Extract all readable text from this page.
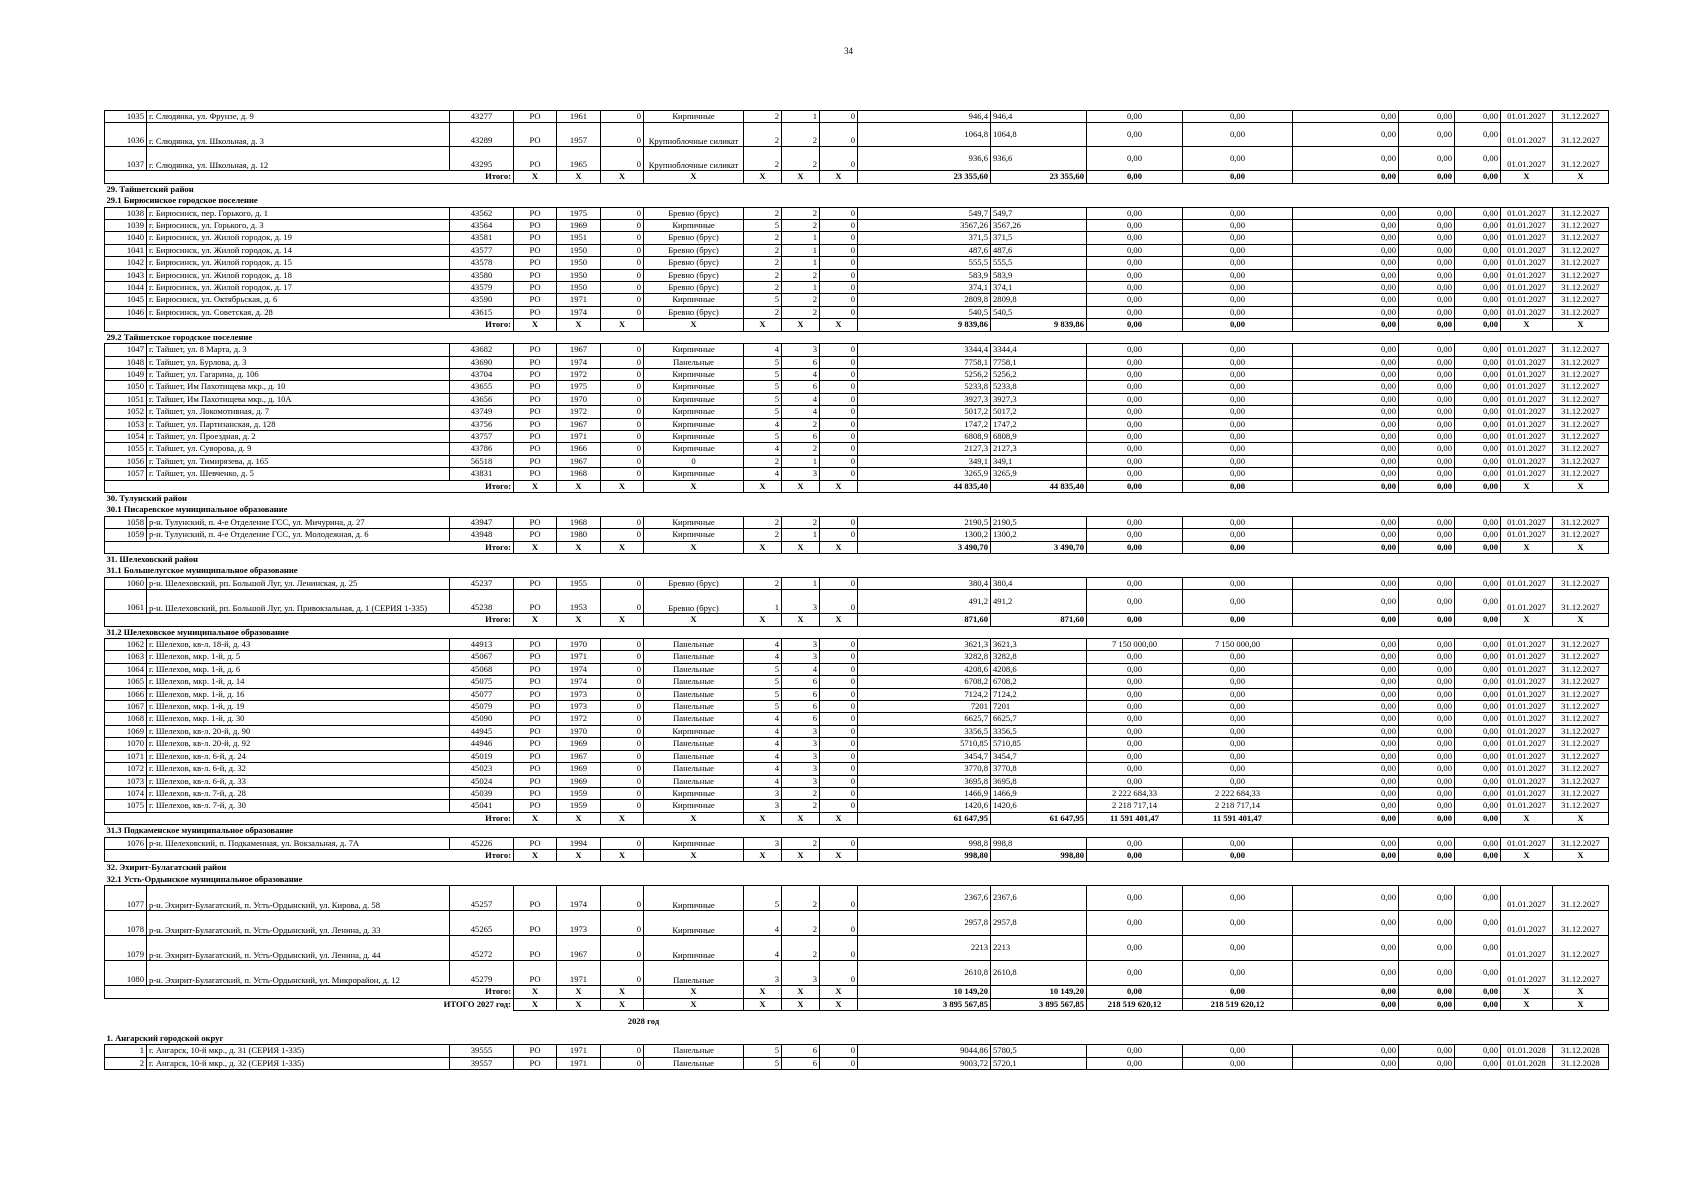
34
1035	г. Слюдянка, ул. Фрунзе, д. 9	43277	РО	1961	0	Кирпичные	2	1	0	946,4	946,4	0,00	0,00	0,00	0,00	0,00	01.01.2027	31.12.2027	
1036	г. Слюдянка, ул. Школьная, д. 3	43289	РО	1957	0	Крупноблочные силикат	2	2	0	1064,8	1064,8	0,00	0,00	0,00	0,00	0,00	01.01.2027	31.12.2027	
1037	г. Слюдянка, ул. Школьная, д. 12	43295	РО	1965	0	Крупноблочные силикат	2	2	0	936,6	936,6	0,00	0,00	0,00	0,00	0,00	01.01.2027	31.12.2027	
Итого:			X	X	X	X	X	X	X	23 355,60	23 355,60	0,00	0,00	0,00	0,00	0,00	X	X	
29. Тайшетский район																			
29.1 Бирюсинское городское поселение																			
1038	г. Бирюсинск, пер. Горького, д. 1	43562	РО	1975	0	Бревно (брус)	2	2	0	549,7	549,7	0,00	0,00	0,00	0,00	0,00	01.01.2027	31.12.2027	
1039	г. Бирюсинск, ул. Горького, д. 3	43564	РО	1969	0	Кирпичные	5	2	0	3567,26	3567,26	0,00	0,00	0,00	0,00	0,00	01.01.2027	31.12.2027	
1040	г. Бирюсинск, ул. Жилой городок, д. 19	43581	РО	1951	0	Бревно (брус)	2	1	0	371,5	371,5	0,00	0,00	0,00	0,00	0,00	01.01.2027	31.12.2027	
1041	г. Бирюсинск, ул. Жилой городок, д. 14	43577	РО	1950	0	Бревно (брус)	2	1	0	487,6	487,6	0,00	0,00	0,00	0,00	0,00	01.01.2027	31.12.2027	
1042	г. Бирюсинск, ул. Жилой городок, д. 15	43578	РО	1950	0	Бревно (брус)	2	1	0	555,5	555,5	0,00	0,00	0,00	0,00	0,00	01.01.2027	31.12.2027	
1043	г. Бирюсинск, ул. Жилой городок, д. 18	43580	РО	1950	0	Бревно (брус)	2	2	0	583,9	583,9	0,00	0,00	0,00	0,00	0,00	01.01.2027	31.12.2027	
1044	г. Бирюсинск, ул. Жилой городок, д. 17	43579	РО	1950	0	Бревно (брус)	2	1	0	374,1	374,1	0,00	0,00	0,00	0,00	0,00	01.01.2027	31.12.2027	
1045	г. Бирюсинск, ул. Октябрьская, д. 6	43590	РО	1971	0	Кирпичные	5	2	0	2809,8	2809,8	0,00	0,00	0,00	0,00	0,00	01.01.2027	31.12.2027	
1046	г. Бирюсинск, ул. Советская, д. 28	43615	РО	1974	0	Бревно (брус)	2	2	0	540,5	540,5	0,00	0,00	0,00	0,00	0,00	01.01.2027	31.12.2027	
Итого:			X	X	X	X	X	X	X	9 839,86	9 839,86	0,00	0,00	0,00	0,00	0,00	X	X	
29.2 Тайшетское городское поселение																			
1047	г. Тайшет, ул. 8 Марта, д. 3	43682	РО	1967	0	Кирпичные	4	3	0	3344,4	3344,4	0,00	0,00	0,00	0,00	0,00	01.01.2027	31.12.2027	
1048	г. Тайшет, ул. Бурлова, д. 3	43690	РО	1974	0	Панельные	5	6	0	7758,1	7758,1	0,00	0,00	0,00	0,00	0,00	01.01.2027	31.12.2027	
1049	г. Тайшет, ул. Гагарина, д. 106	43704	РО	1972	0	Кирпичные	5	4	0	5256,2	5256,2	0,00	0,00	0,00	0,00	0,00	01.01.2027	31.12.2027	
1050	г. Тайшет, Им Пахотищева мкр., д. 10	43655	РО	1975	0	Кирпичные	5	6	0	5233,8	5233,8	0,00	0,00	0,00	0,00	0,00	01.01.2027	31.12.2027	
1051	г. Тайшет, Им Пахотищева мкр., д. 10А	43656	РО	1970	0	Кирпичные	5	4	0	3927,3	3927,3	0,00	0,00	0,00	0,00	0,00	01.01.2027	31.12.2027	
1052	г. Тайшет, ул. Локомотивная, д. 7	43749	РО	1972	0	Кирпичные	5	4	0	5017,2	5017,2	0,00	0,00	0,00	0,00	0,00	01.01.2027	31.12.2027	
1053	г. Тайшет, ул. Партизанская, д. 128	43756	РО	1967	0	Кирпичные	4	2	0	1747,2	1747,2	0,00	0,00	0,00	0,00	0,00	01.01.2027	31.12.2027	
1054	г. Тайшет, ул. Проездная, д. 2	43757	РО	1971	0	Кирпичные	5	6	0	6808,9	6808,9	0,00	0,00	0,00	0,00	0,00	01.01.2027	31.12.2027	
1055	г. Тайшет, ул. Суворова, д. 9	43786	РО	1966	0	Кирпичные	4	2	0	2127,3	2127,3	0,00	0,00	0,00	0,00	0,00	01.01.2027	31.12.2027	
1056	г. Тайшет, ул. Тимирязева, д. 165	56518	РО	1967	0	0	2	1	0	349,1	349,1	0,00	0,00	0,00	0,00	0,00	01.01.2027	31.12.2027	
1057	г. Тайшет, ул. Шевченко, д. 5	43831	РО	1968	0	Кирпичные	4	3	0	3265,9	3265,9	0,00	0,00	0,00	0,00	0,00	01.01.2027	31.12.2027	
Итого:			X	X	X	X	X	X	X	44 835,40	44 835,40	0,00	0,00	0,00	0,00	0,00	X	X	
30. Тулунский район																			
30.1 Писаревское муниципальное образование																			
1058	р-н. Тулунский, п. 4-е Отделение ГСС, ул. Мичурина, д. 27	43947	РО	1968	0	Кирпичные	2	2	0	2190,5	2190,5	0,00	0,00	0,00	0,00	0,00	01.01.2027	31.12.2027	
1059	р-н. Тулунский, п. 4-е Отделение ГСС, ул. Молодежная, д. 6	43948	РО	1980	0	Кирпичные	2	1	0	1300,2	1300,2	0,00	0,00	0,00	0,00	0,00	01.01.2027	31.12.2027	
Итого:			X	X	X	X	X	X	X	3 490,70	3 490,70	0,00	0,00	0,00	0,00	0,00	X	X	
31. Шелеховский район																			
31.1 Большелугское муниципальное образование																			
1060	р-н. Шелеховский, рп. Большой Луг, ул. Ленинская, д. 25	45237	РО	1955	0	Бревно (брус)	2	1	0	380,4	380,4	0,00	0,00	0,00	0,00	0,00	01.01.2027	31.12.2027	
1061	р-н. Шелеховский, рп. Большой Луг, ул. Привокзальная, д. 1 (СЕРИЯ 1-335)	45238	РО	1953	0	Бревно (брус)	1	3	0	491,2	491,2	0,00	0,00	0,00	0,00	0,00	01.01.2027	31.12.2027	
Итого:			X	X	X	X	X	X	X	871,60	871,60	0,00	0,00	0,00	0,00	0,00	X	X	
31.2 Шелеховское муниципальное образование																			
1062	г. Шелехов, кв-л. 18-й, д. 43	44913	РО	1970	0	Панельные	4	3	0	3621,3	3621,3	7 150 000,00	7 150 000,00	0,00	0,00	0,00	01.01.2027	31.12.2027	
1063	г. Шелехов, мкр. 1-й, д. 5	45067	РО	1971	0	Панельные	4	3	0	3282,8	3282,8	0,00	0,00	0,00	0,00	0,00	01.01.2027	31.12.2027	
1064	г. Шелехов, мкр. 1-й, д. 6	45068	РО	1974	0	Панельные	5	4	0	4208,6	4208,6	0,00	0,00	0,00	0,00	0,00	01.01.2027	31.12.2027	
1065	г. Шелехов, мкр. 1-й, д. 14	45075	РО	1974	0	Панельные	5	6	0	6708,2	6708,2	0,00	0,00	0,00	0,00	0,00	01.01.2027	31.12.2027	
1066	г. Шелехов, мкр. 1-й, д. 16	45077	РО	1973	0	Панельные	5	6	0	7124,2	7124,2	0,00	0,00	0,00	0,00	0,00	01.01.2027	31.12.2027	
1067	г. Шелехов, мкр. 1-й, д. 19	45079	РО	1973	0	Панельные	5	6	0	7201	7201	0,00	0,00	0,00	0,00	0,00	01.01.2027	31.12.2027	
1068	г. Шелехов, мкр. 1-й, д. 30	45090	РО	1972	0	Панельные	4	6	0	6625,7	6625,7	0,00	0,00	0,00	0,00	0,00	01.01.2027	31.12.2027	
1069	г. Шелехов, кв-л. 20-й, д. 90	44945	РО	1970	0	Кирпичные	4	3	0	3356,5	3356,5	0,00	0,00	0,00	0,00	0,00	01.01.2027	31.12.2027	
1070	г. Шелехов, кв-л. 20-й, д. 92	44946	РО	1969	0	Панельные	4	3	0	5710,85	5710,85	0,00	0,00	0,00	0,00	0,00	01.01.2027	31.12.2027	
1071	г. Шелехов, кв-л. 6-й, д. 24	45019	РО	1967	0	Панельные	4	3	0	3454,7	3454,7	0,00	0,00	0,00	0,00	0,00	01.01.2027	31.12.2027	
1072	г. Шелехов, кв-л. 6-й, д. 32	45023	РО	1969	0	Панельные	4	3	0	3770,8	3770,8	0,00	0,00	0,00	0,00	0,00	01.01.2027	31.12.2027	
1073	г. Шелехов, кв-л. 6-й, д. 33	45024	РО	1969	0	Панельные	4	3	0	3695,8	3695,8	0,00	0,00	0,00	0,00	0,00	01.01.2027	31.12.2027	
1074	г. Шелехов, кв-л. 7-й, д. 28	45039	РО	1959	0	Кирпичные	3	2	0	1466,9	1466,9	2 222 684,33	2 222 684,33	0,00	0,00	0,00	01.01.2027	31.12.2027	
1075	г. Шелехов, кв-л. 7-й, д. 30	45041	РО	1959	0	Кирпичные	3	2	0	1420,6	1420,6	2 218 717,14	2 218 717,14	0,00	0,00	0,00	01.01.2027	31.12.2027	
Итого:			X	X	X	X	X	X	X	61 647,95	61 647,95	11 591 401,47	11 591 401,47	0,00	0,00	0,00	X	X	
31.3 Подкаменское муниципальное образование																			
1076	р-н. Шелеховский, п. Подкаменная, ул. Вокзальная, д. 7А	45226	РО	1994	0	Кирпичные	3	2	0	998,8	998,8	0,00	0,00	0,00	0,00	0,00	01.01.2027	31.12.2027	
Итого:			X	X	X	X	X	X	X	998,80	998,80	0,00	0,00	0,00	0,00	0,00	X	X	
32. Эхирит-Булагатский район																			
32.1 Усть-Ордынское муниципальное образование																			
1077	р-н. Эхирит-Булагатский, п. Усть-Ордынский, ул. Кирова, д. 58	45257	РО	1974	0	Кирпичные	5	2	0	2367,6	2367,6	0,00	0,00	0,00	0,00	0,00	01.01.2027	31.12.2027	
1078	р-н. Эхирит-Булагатский, п. Усть-Ордынский, ул. Ленина, д. 33	45265	РО	1973	0	Кирпичные	4	2	0	2957,8	2957,8	0,00	0,00	0,00	0,00	0,00	01.01.2027	31.12.2027	
1079	р-н. Эхирит-Булагатский, п. Усть-Ордынский, ул. Ленина, д. 44	45272	РО	1967	0	Кирпичные	4	2	0	2213	2213	0,00	0,00	0,00	0,00	0,00	01.01.2027	31.12.2027	
1080	р-н. Эхирит-Булагатский, п. Усть-Ордынский, ул. Микрорайон, д. 12	45279	РО	1971	0	Панельные	3	3	0	2610,8	2610,8	0,00	0,00	0,00	0,00	0,00	01.01.2027	31.12.2027	
Итого:			X	X	X	X	X	X	X	10 149,20	10 149,20	0,00	0,00	0,00	0,00	0,00	X	X	
ИТОГО 2027 год:			X	X	X	X	X	X	X	3 895 567,85	3 895 567,85	218 519 620,12	218 519 620,12	0,00	0,00	0,00	X	X	
2028 год																			
1. Ангарский городской округ																			
1	г. Ангарск, 10-й мкр., д. 31 (СЕРИЯ 1-335)	39555	РО	1971	0	Панельные	5	6	0	9044,86	5780,5	0,00	0,00	0,00	0,00	0,00	01.01.2028	31.12.2028	
2	г. Ангарск, 10-й мкр., д. 32 (СЕРИЯ 1-335)	39557	РО	1971	0	Панельные	5	6	0	9003,72	5720,1	0,00	0,00	0,00	0,00	0,00	01.01.2028	31.12.2028	
